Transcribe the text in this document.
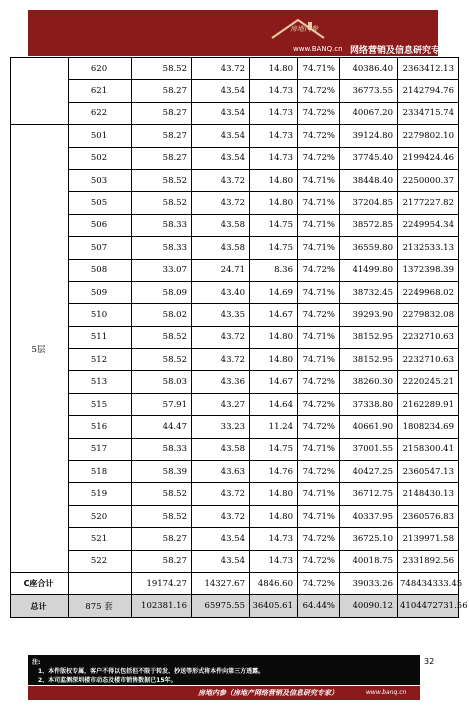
房地内参
www.BANQ.cn 网络营销及信息研究专家
	620	58.52	43.72	14.80	74.71%	40386.40	2363412.13
	621	58.27	43.54	14.73	74.72%	36773.55	2142794.76
	622	58.27	43.54	14.73	74.72%	40067.20	2334715.74
5层	501	58.27	43.54	14.73	74.72%	39124.80	2279802.10
	502	58.27	43.54	14.73	74.72%	37745.40	2199424.46
	503	58.52	43.72	14.80	74.71%	38448.40	2250000.37
	505	58.52	43.72	14.80	74.71%	37204.85	2177227.82
	506	58.33	43.58	14.75	74.71%	38572.85	2249954.34
	507	58.33	43.58	14.75	74.71%	36559.80	2132533.13
	508	33.07	24.71	8.36	74.72%	41499.80	1372398.39
	509	58.09	43.40	14.69	74.71%	38732.45	2249968.02
	510	58.02	43.35	14.67	74.72%	39293.90	2279832.08
	511	58.52	43.72	14.80	74.71%	38152.95	2232710.63
	512	58.52	43.72	14.80	74.71%	38152.95	2232710.63
	513	58.03	43.36	14.67	74.72%	38260.30	2220245.21
	515	57.91	43.27	14.64	74.72%	37338.80	2162289.91
	516	44.47	33.23	11.24	74.72%	40661.90	1808234.69
	517	58.33	43.58	14.75	74.71%	37001.55	2158300.41
	518	58.39	43.63	14.76	74.72%	40427.25	2360547.13
	519	58.52	43.72	14.80	74.71%	36712.75	2148430.13
	520	58.52	43.72	14.80	74.71%	40337.95	2360576.83
	521	58.27	43.54	14.73	74.72%	36725.10	2139971.58
	522	58.27	43.54	14.73	74.72%	40018.75	2331892.56
C座合计		19174.27	14327.67	4846.60	74.72%	39033.26	748434333.45
总计	875 套	102381.16	65975.55	36405.61	64.44%	40090.12	4104472731.56
32
注:
1、本件版权专属，客户不得以包括但不限于转发、抄送等形式将本件向第三方透露。
2、本司监测深圳楼市动态及楼市销售数据已15年。
房地内参（房地产网络营销及信息研究专家）	www.banq.cn
